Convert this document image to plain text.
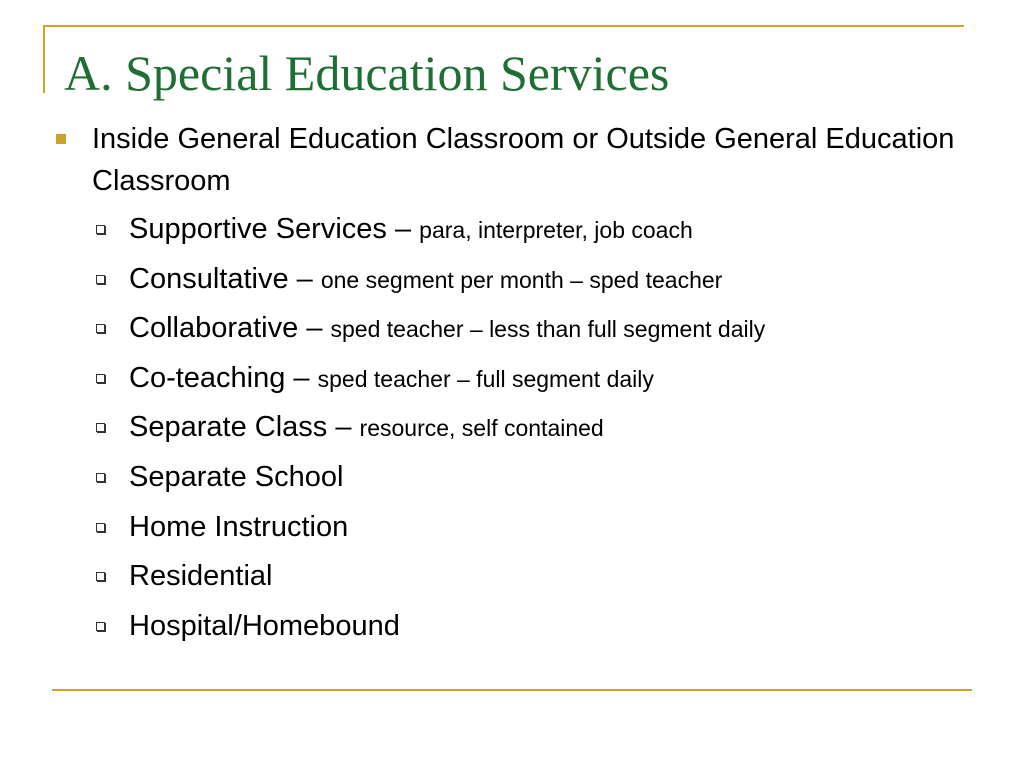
A. Special Education Services
Inside General Education Classroom or Outside General Education Classroom
Supportive Services – para, interpreter, job coach
Consultative – one segment per month – sped teacher
Collaborative – sped teacher – less than full segment daily
Co-teaching – sped teacher – full segment daily
Separate Class – resource, self contained
Separate School
Home Instruction
Residential
Hospital/Homebound
